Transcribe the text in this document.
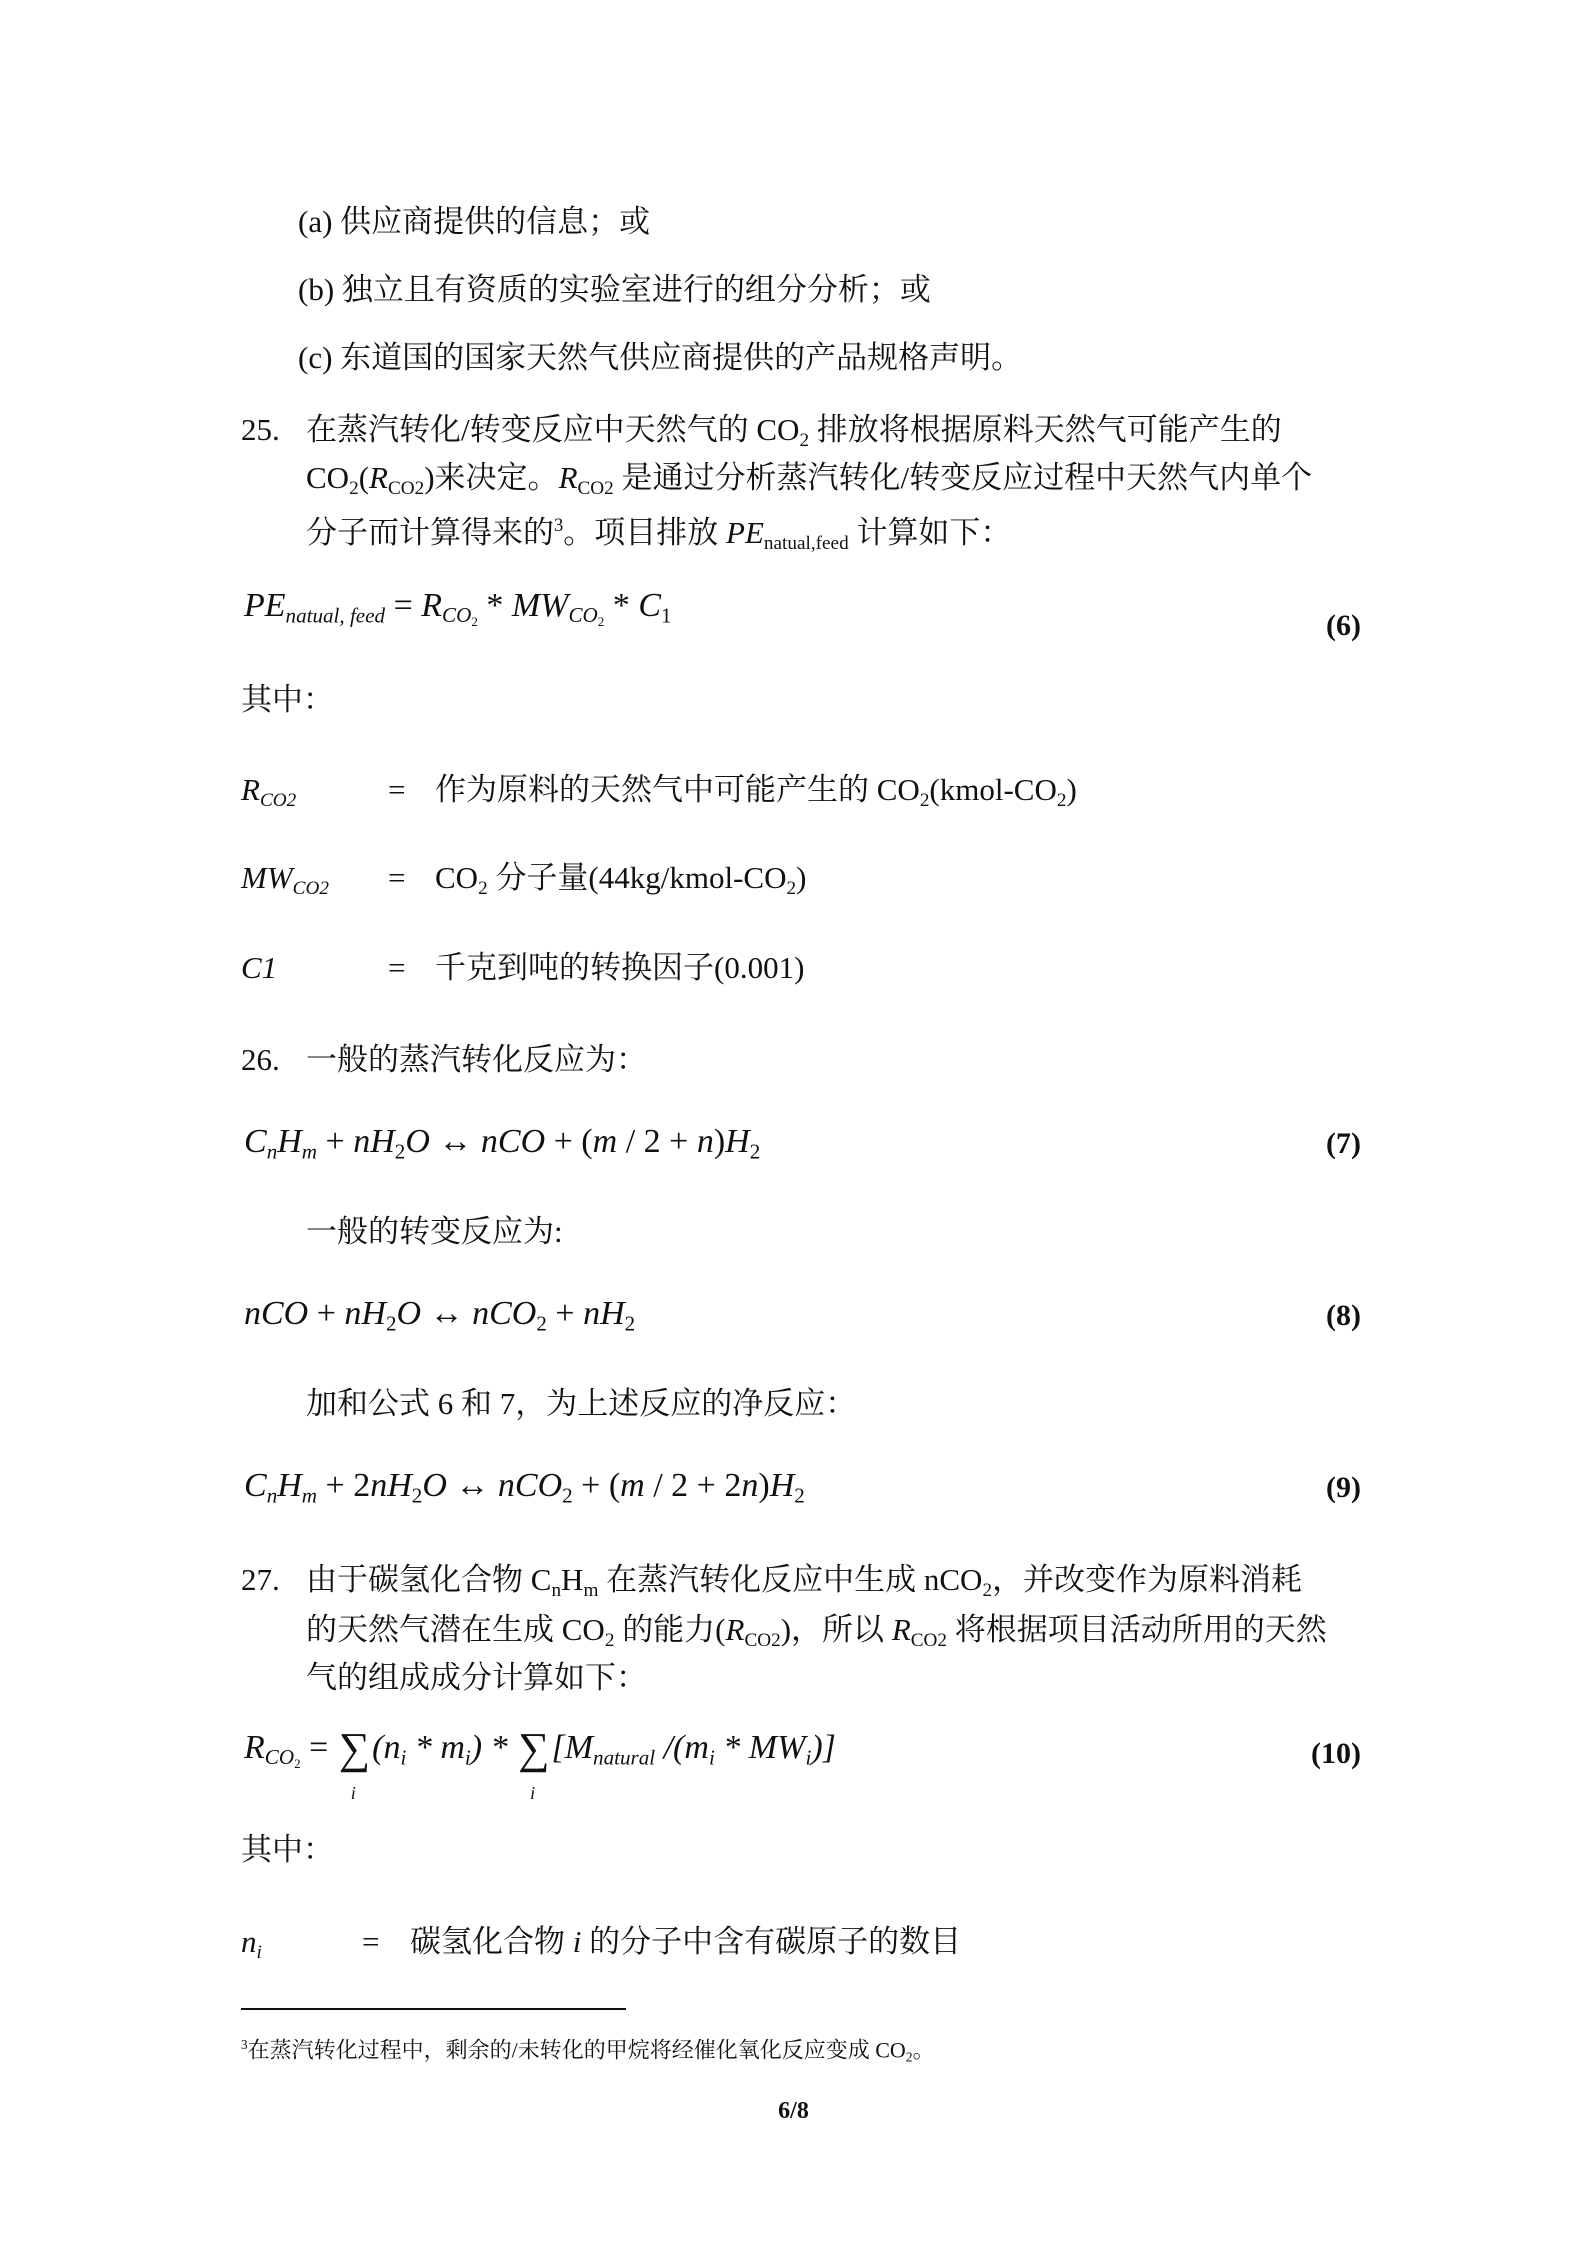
(a) 供应商提供的信息；或
(b) 独立且有资质的实验室进行的组分分析；或
(c) 东道国的国家天然气供应商提供的产品规格声明。
25. 在蒸汽转化/转变反应中天然气的 $CO_2$ 排放将根据原料天然气可能产生的
$CO_2(R_{CO2})$来决定。$R_{CO2}$ 是通过分析蒸汽转化/转变反应过程中天然气内单个
分子而计算得来的$^3$。项目排放 $PE_{natual,feed}$ 计算如下：
$PE_{natual, feed} = R_{CO_2} * MW_{CO_2} * C_1$	(6)
其中：
$R_{CO2}$	= 作为原料的天然气中可能产生的 $CO_2(kmol-CO_2)$
$MW_{CO2} = CO_2$ 分子量$(44kg/kmol-CO_2)$
C1	= 千克到吨的转换因子(0.001)
26. 一般的蒸汽转化反应为：
$C_nH_m + nH_2O$ ↔ nCO + $(m / 2 + n)H_2$	(7)
一般的转变反应为:
nCO + $nH_2O$ ↔ $nCO_2 + nH_2$	(8)
加和公式 6 和 7，为上述反应的净反应：
$C_nH_m + 2nH_2O$ ↔ $nCO_2 + (m / 2 + 2n)H_2$	(9)
27. 由于碳氢化合物 $C_nH_m$ 在蒸汽转化反应中生成 nCO$_2$，并改变作为原料消耗
的天然气潜在生成 $CO_2$ 的能力$(R_{CO2})$，所以 $R_{CO2}$ 将根据项目活动所用的天然
气的组成成分计算如下：
$R_{CO_2}$ = ∑
i
$(n_i * m_i)$ * ∑
i
[$M_{natural}$ $/(m_i * MW_i)$]	(10)
其中：
$n_i$	= 碳氢化合物 i 的分子中含有碳原子的数目
$^3$在蒸汽转化过程中，剩余的/未转化的甲烷将经催化氧化反应变成 $CO_2$。
6/8
